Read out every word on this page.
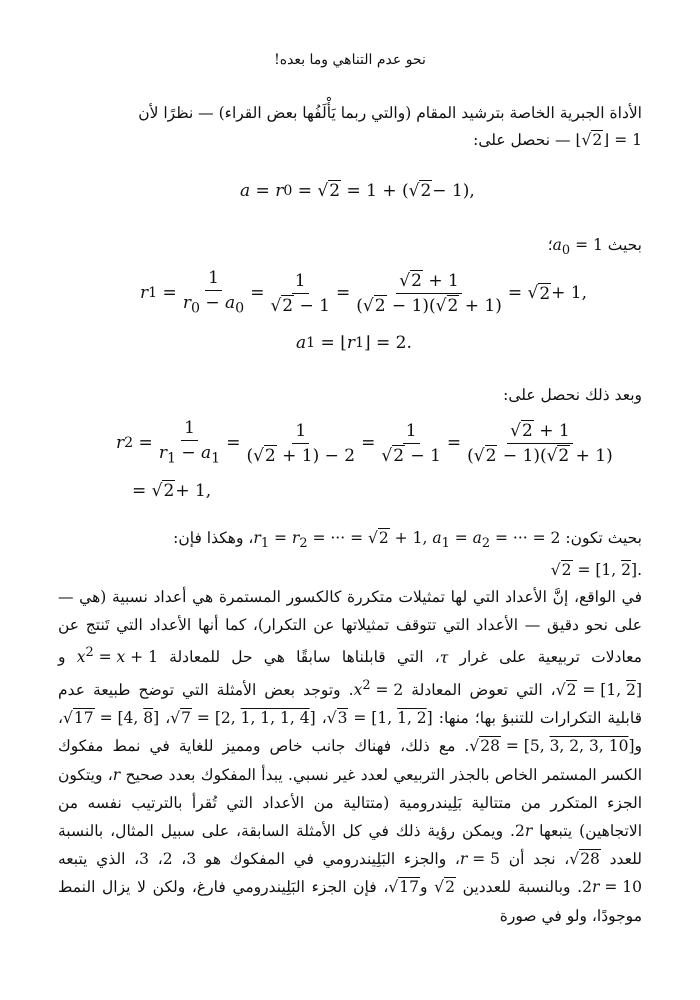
نحو عدم التناهي وما بعده!
الأداة الجبرية الخاصة بترشيد المقام (والتي ربما يَأْلَفُها بعض القراء) — نظرًا لأن
⌊√2⌋ = 1 — نحصل على:
a = r 0 = √ 2 = 1 + (√ 2 − 1),
بحيث $a_0$ = 1؛
r $1 = \frac{1}{r_0 - a_0} = \frac{1}{√2 - 1} = \frac{√2 + 1}{(√2 - 1)(√2 + 1)}$ = √ 2 + 1,
a 1 = ⌊ r 1 ⌋ = 2.
وبعد ذلك نحصل على:
r $2 = \frac{1}{r_1 - a_1} = \frac{1}{(√2 + 1) - 2} = \frac{1}{√2 - 1} = \frac{√2 + 1}{(√2 - 1)(√2 + 1)}$
= √ 2 + 1,
بحيث تكون: $r_1 = r_2$ = ··· = √2 + 1, $a_1 = a_2$ = ··· = 2، وهكذا فإن:
√2 = [1, 2].
في الواقع، إنَّ الأعداد التي لها تمثيلات متكررة كالكسور المستمرة هي أعداد نسبية (هي — على نحو دقيق — الأعداد التي تتوقف تمثيلاتها عن التكرار)، كما أنها الأعداد التي تَنتج عن معادلات تربيعية على غرار τ، التي قابلناها سابقًا هي حل للمعادلة $x^2 = x + 1$ و√2 = [1, 2]، التي تعوض المعادلة $x^2 = 2$. وتوجد بعض الأمثلة التي توضح طبيعة عدم قابلية التكرارات للتنبؤ بها؛ منها: √3 = [1, 1, 2]، √7 = [2, 1, 1, 1, 4]، √17 = [4, 8]، و√28 = [5, 3, 2, 3, 10]. مع ذلك، فهناك جانب خاص ومميز للغاية في نمط مفكوك الكسر المستمر الخاص بالجذر التربيعي لعدد غير نسبي. يبدأ المفكوك بعدد صحيح r، ويتكون الجزء المتكرر من متتالية بَلِيندرومية (متتالية من الأعداد التي تُقرأ بالترتيب نفسه من الاتجاهين) يتبعها 2r. ويمكن رؤية ذلك في كل الأمثلة السابقة، على سبيل المثال، بالنسبة للعدد √28، نجد أن r = 5، والجزء البَلِيندرومي في المفكوك هو 3، 2، 3، الذي يتبعه 2r = 10. وبالنسبة للعددين √2 و√17، فإن الجزء البَلِيندرومي فارغ، ولكن لا يزال النمط موجودًا، ولو في صورة
